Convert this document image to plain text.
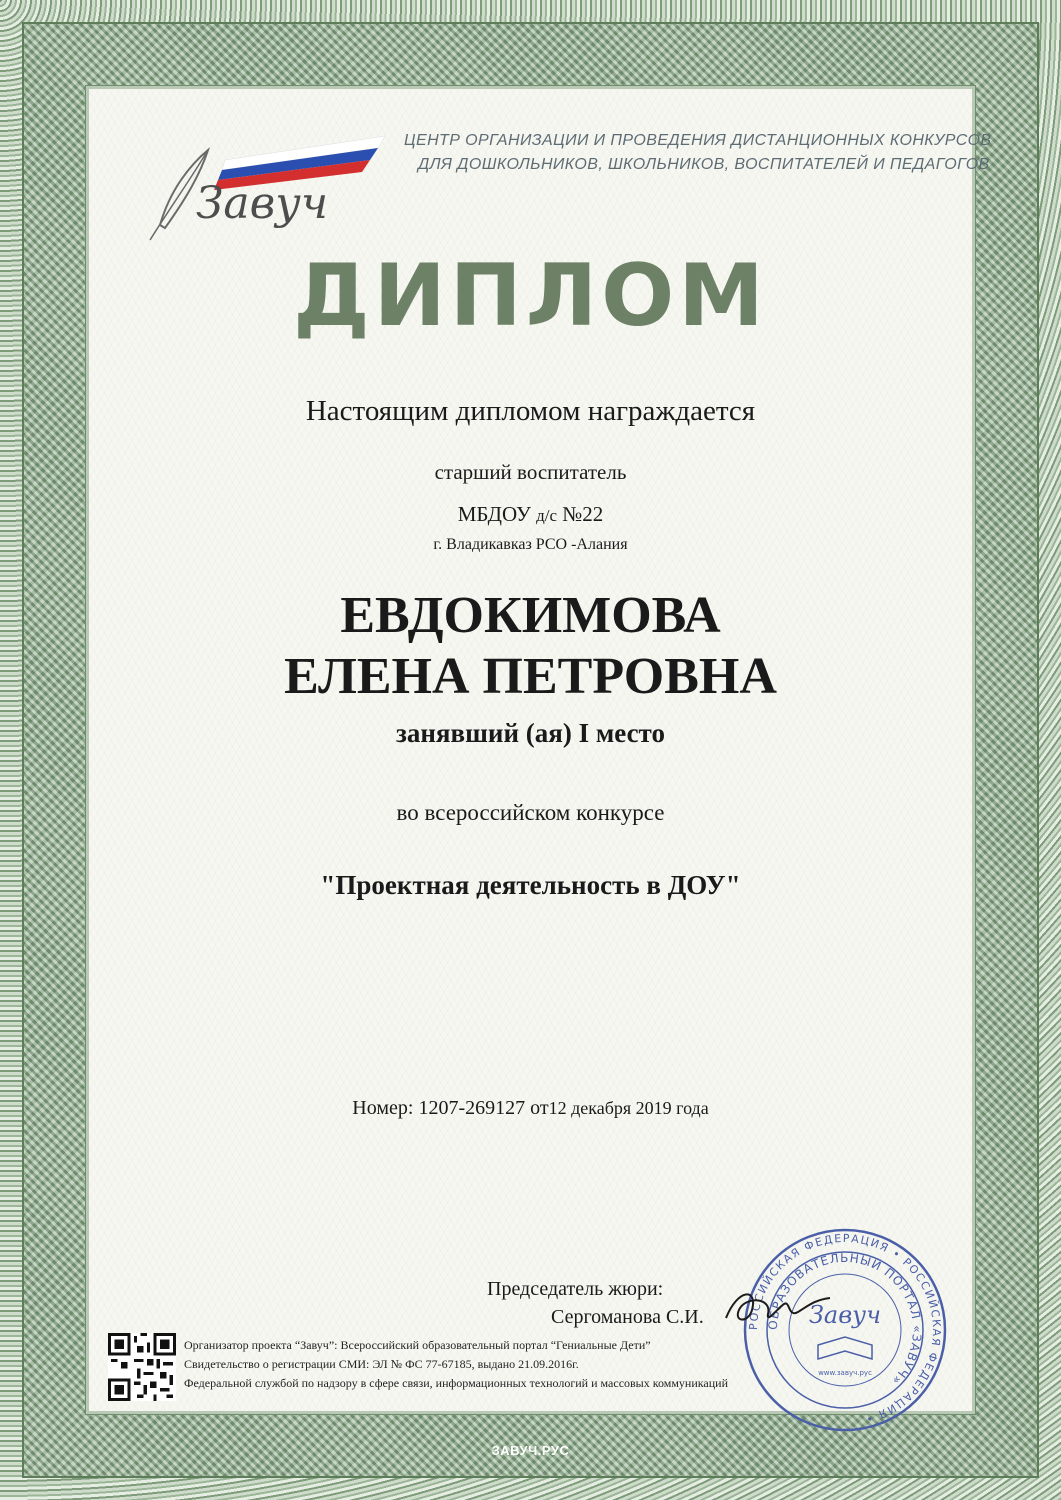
Завуч
ЦЕНТР ОРГАНИЗАЦИИ И ПРОВЕДЕНИЯ ДИСТАНЦИОННЫХ КОНКУРСОВ
ДЛЯ ДОШКОЛЬНИКОВ, ШКОЛЬНИКОВ, ВОСПИТАТЕЛЕЙ И ПЕДАГОГОВ
ДИПЛОМ
Настоящим дипломом награждается
старший воспитатель
МБДОУ д/с №22
г. Владикавказ РСО -Алания
ЕВДОКИМОВА
ЕЛЕНА ПЕТРОВНА
занявший (ая) I место
во всероссийском конкурсе
"Проектная деятельность в ДОУ"
Номер: 1207-269127 от12 декабря 2019 года
Председатель жюри:
Сергоманова С.И.	РОССИЙСКАЯ ФЕДЕРАЦИЯ • РОССИЙСКАЯ ФЕДЕРАЦИЯ •
ОБРАЗОВАТЕЛЬНЫЙ ПОРТАЛ «ЗАВУЧ»
Завуч
www.завуч.рус
Организатор проекта “Завуч”: Всероссийский образовательный портал “Гениальные Дети”
Свидетельство о регистрации СМИ: ЭЛ № ФС 77-67185, выдано 21.09.2016г.
Федеральной службой по надзору в сфере связи, информационных технологий и массовых коммуникаций
ЗАВУЧ.РУС
